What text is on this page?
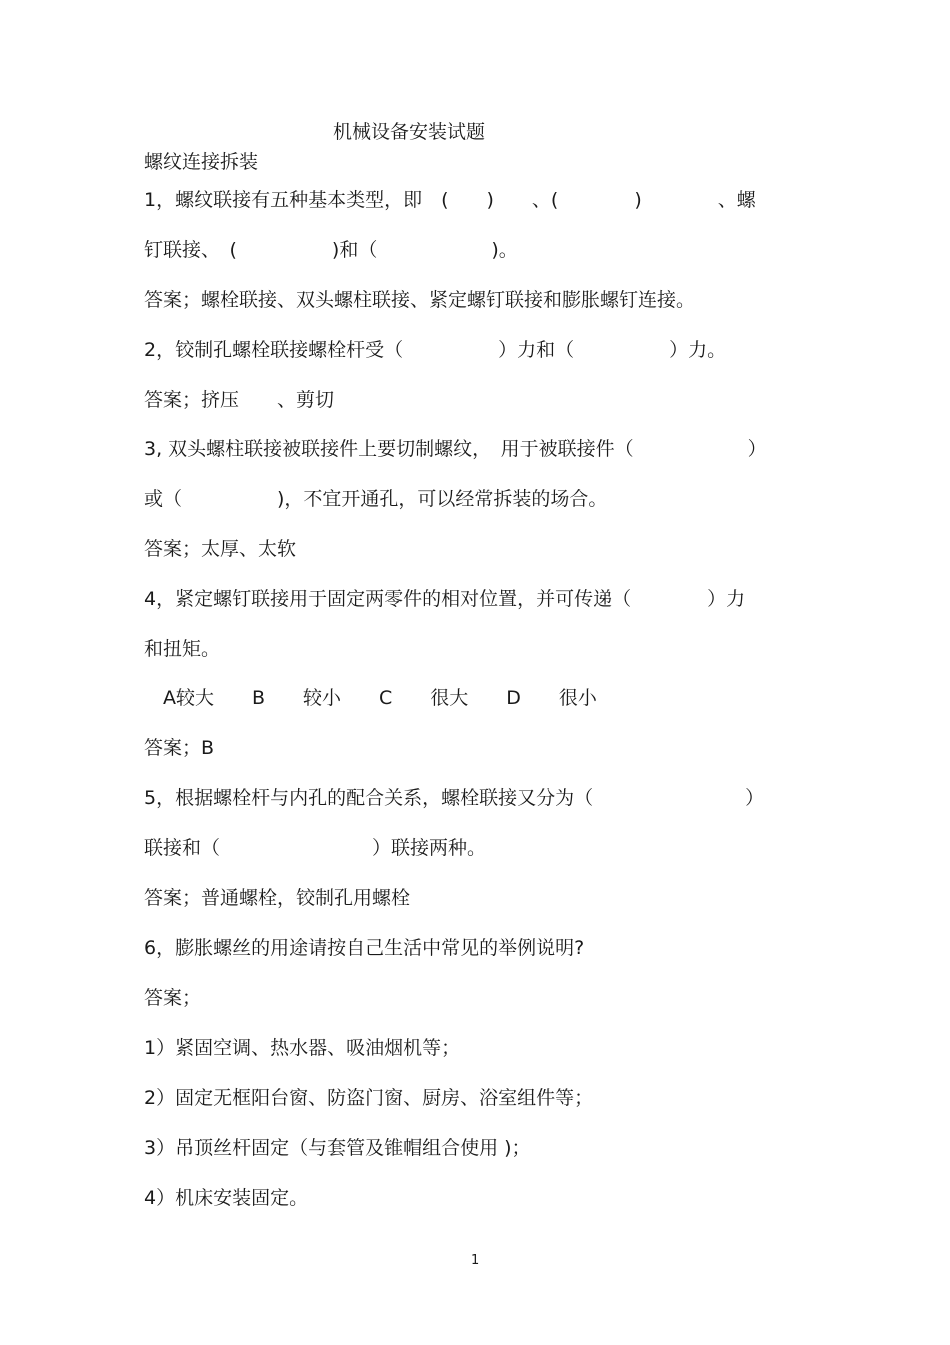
机械设备安装试题
螺纹连接拆装
1，螺纹联接有五种基本类型，即　(　　)　　、(　　　　)　　　　、螺
钉联接、　(　　　　　)和（　　　　　　)。
答案；螺栓联接、双头螺柱联接、紧定螺钉联接和膨胀螺钉连接。
2，铰制孔螺栓联接螺栓杆受（　　　　　）力和（　　　　　）力。
答案；挤压　　、剪切
3, 双头螺柱联接被联接件上要切制螺纹，　用于被联接件（　　　　　　）
或（　　　　　)，不宜开通孔，可以经常拆装的场合。
答案；太厚、太软
4，紧定螺钉联接用于固定两零件的相对位置，并可传递（　　　　）力
和扭矩。
　A较大　　B　　较小　　C　　很大　　D　　很小
答案；B
5，根据螺栓杆与内孔的配合关系，螺栓联接又分为（　　　　　　　　）
联接和（　　　　　　　　）联接两种。
答案；普通螺栓，铰制孔用螺栓
6，膨胀螺丝的用途请按自己生活中常见的举例说明?
答案；
1）紧固空调、热水器、吸油烟机等；
2）固定无框阳台窗、防盗门窗、厨房、浴室组件等；
3）吊顶丝杆固定（与套管及锥帽组合使用 )；
4）机床安装固定。
1
